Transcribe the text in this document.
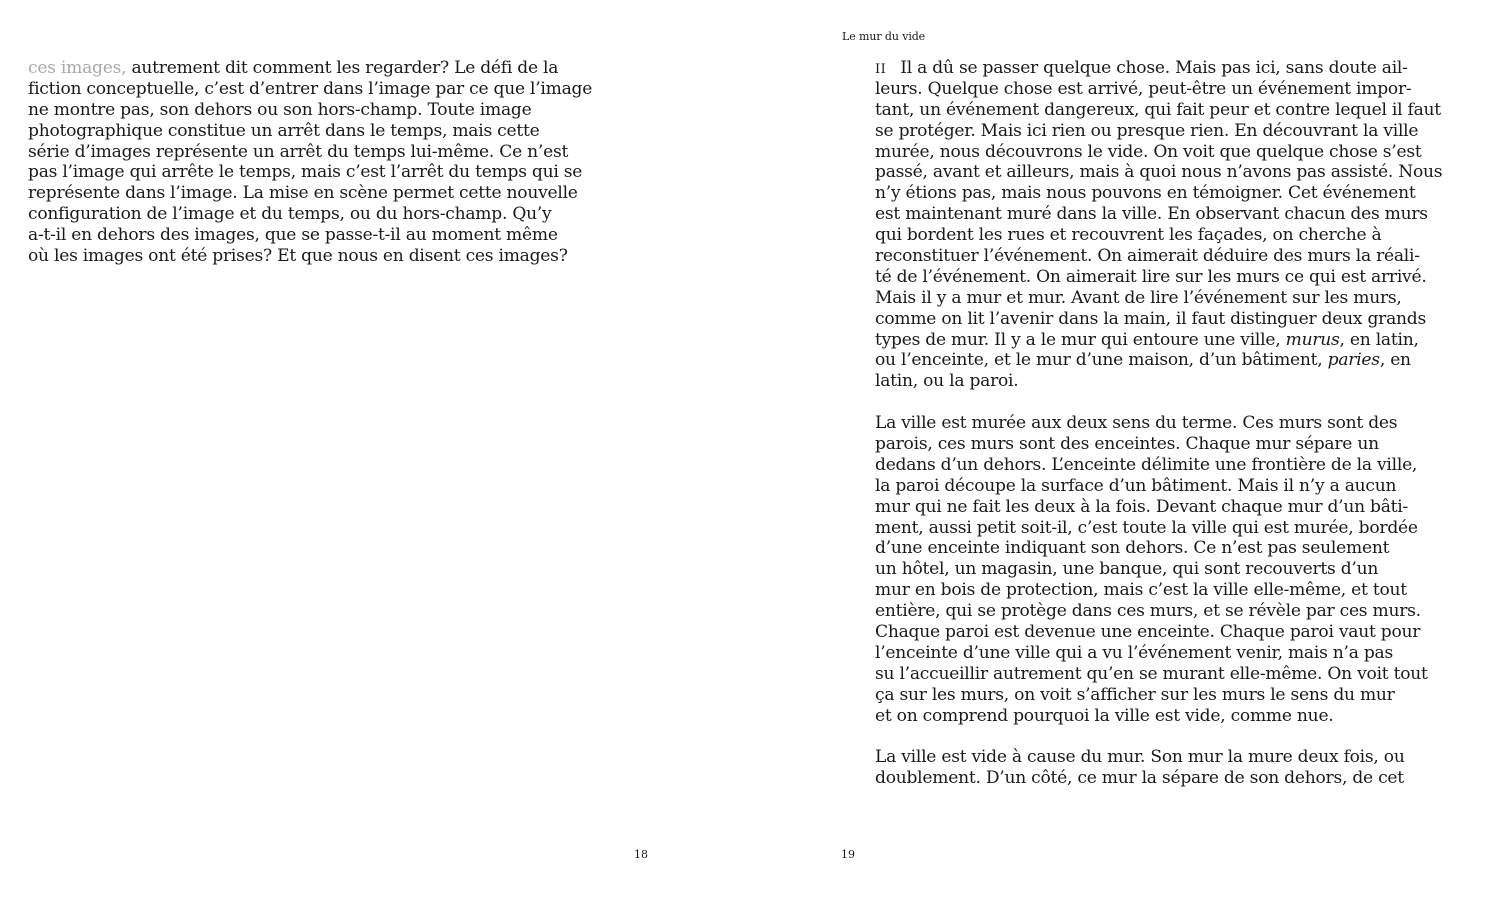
ces images, autrement dit comment les regarder? Le défi de la
fiction conceptuelle, c’est d’entrer dans l’image par ce que l’image
ne montre pas, son dehors ou son hors-champ. Toute image
photographique constitue un arrêt dans le temps, mais cette
série d’images représente un arrêt du temps lui-même. Ce n’est
pas l’image qui arrête le temps, mais c’est l’arrêt du temps qui se
représente dans l’image. La mise en scène permet cette nouvelle
configuration de l’image et du temps, ou du hors-champ. Qu’y
a-t-il en dehors des images, que se passe-t-il au moment même
où les images ont été prises? Et que nous en disent ces images?
18
Le mur du vide
II Il a dû se passer quelque chose. Mais pas ici, sans doute ail-
leurs. Quelque chose est arrivé, peut-être un événement impor-
tant, un événement dangereux, qui fait peur et contre lequel il faut
se protéger. Mais ici rien ou presque rien. En découvrant la ville
murée, nous découvrons le vide. On voit que quelque chose s’est
passé, avant et ailleurs, mais à quoi nous n’avons pas assisté. Nous
n’y étions pas, mais nous pouvons en témoigner. Cet événement
est maintenant muré dans la ville. En observant chacun des murs
qui bordent les rues et recouvrent les façades, on cherche à
reconstituer l’événement. On aimerait déduire des murs la réali-
té de l’événement. On aimerait lire sur les murs ce qui est arrivé.
Mais il y a mur et mur. Avant de lire l’événement sur les murs,
comme on lit l’avenir dans la main, il faut distinguer deux grands
types de mur. Il y a le mur qui entoure une ville, murus, en latin,
ou l’enceinte, et le mur d’une maison, d’un bâtiment, paries, en
latin, ou la paroi.
La ville est murée aux deux sens du terme. Ces murs sont des
parois, ces murs sont des enceintes. Chaque mur sépare un
dedans d’un dehors. L’enceinte délimite une frontière de la ville,
la paroi découpe la surface d’un bâtiment. Mais il n’y a aucun
mur qui ne fait les deux à la fois. Devant chaque mur d’un bâti-
ment, aussi petit soit-il, c’est toute la ville qui est murée, bordée
d’une enceinte indiquant son dehors. Ce n’est pas seulement
un hôtel, un magasin, une banque, qui sont recouverts d’un
mur en bois de protection, mais c’est la ville elle-même, et tout
entière, qui se protège dans ces murs, et se révèle par ces murs.
Chaque paroi est devenue une enceinte. Chaque paroi vaut pour
l’enceinte d’une ville qui a vu l’événement venir, mais n’a pas
su l’accueillir autrement qu’en se murant elle-même. On voit tout
ça sur les murs, on voit s’afficher sur les murs le sens du mur
et on comprend pourquoi la ville est vide, comme nue.
La ville est vide à cause du mur. Son mur la mure deux fois, ou
doublement. D’un côté, ce mur la sépare de son dehors, de cet
19
